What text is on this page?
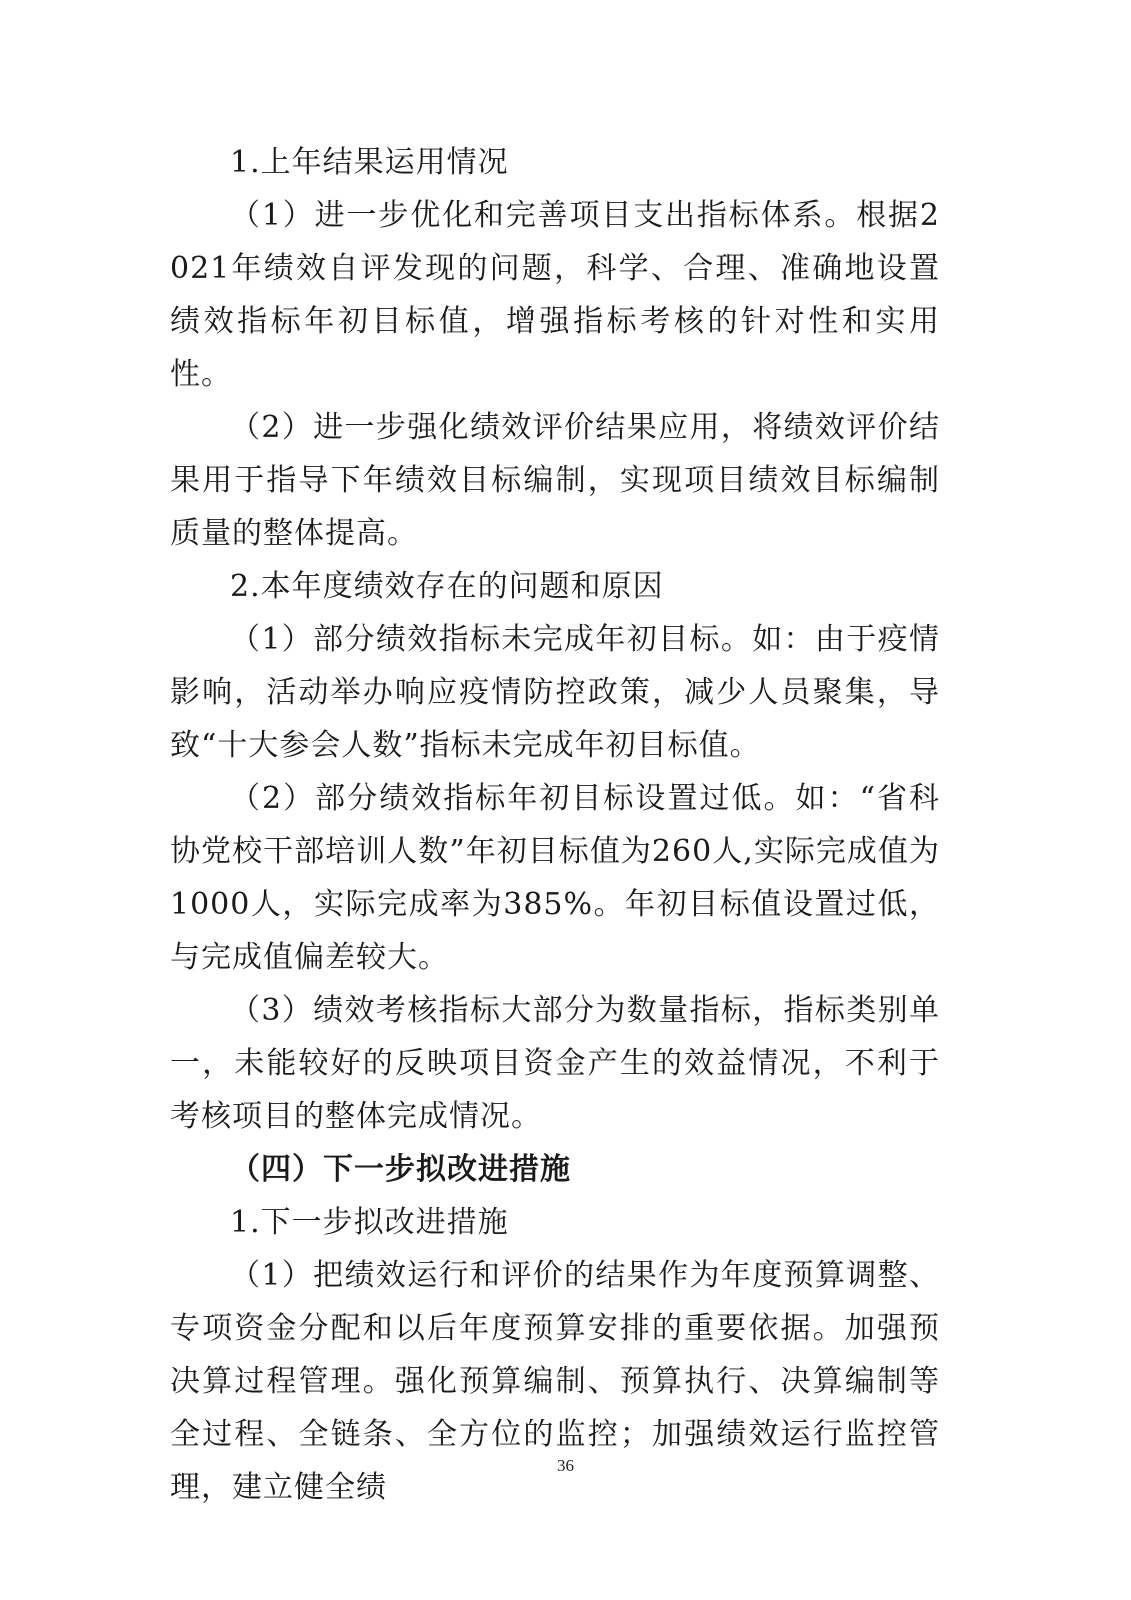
1.上年结果运用情况

（1）进一步优化和完善项目支出指标体系。根据2021年绩效自评发现的问题，科学、合理、准确地设置绩效指标年初目标值，增强指标考核的针对性和实用性。

（2）进一步强化绩效评价结果应用，将绩效评价结果用于指导下年绩效目标编制，实现项目绩效目标编制质量的整体提高。

2.本年度绩效存在的问题和原因

（1）部分绩效指标未完成年初目标。如：由于疫情影响，活动举办响应疫情防控政策，减少人员聚集，导致“十大参会人数”指标未完成年初目标值。

（2）部分绩效指标年初目标设置过低。如：“省科协党校干部培训人数”年初目标值为260人,实际完成值为1000人，实际完成率为385%。年初目标值设置过低，与完成值偏差较大。

（3）绩效考核指标大部分为数量指标，指标类别单一，未能较好的反映项目资金产生的效益情况，不利于考核项目的整体完成情况。

（四）下一步拟改进措施

1.下一步拟改进措施

（1）把绩效运行和评价的结果作为年度预算调整、专项资金分配和以后年度预算安排的重要依据。加强预决算过程管理。强化预算编制、预算执行、决算编制等全过程、全链条、全方位的监控；加强绩效运行监控管理，建立健全绩

36
